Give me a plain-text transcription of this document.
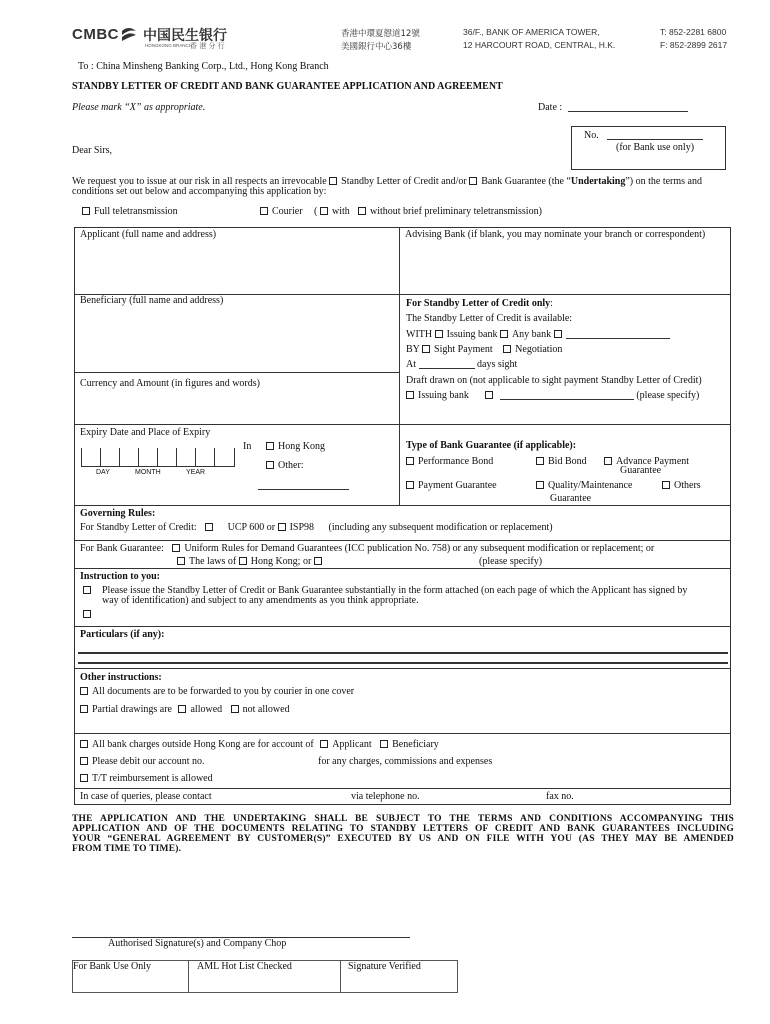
CMBC 中国民生银行
HONGKONG BRANCH
香 港 分 行
香港中環夏慤道12號
美國銀行中心36樓
36/F., BANK OF AMERICA TOWER,
12 HARCOURT ROAD, CENTRAL, H.K.
T: 852-2281 6800
F: 852-2899 2617
To : China Minsheng Banking Corp., Ltd., Hong Kong Branch
STANDBY LETTER OF CREDIT AND BANK GUARANTEE APPLICATION AND AGREEMENT
Please mark “X” as appropriate.	Date :
No.
(for Bank use only)
Dear Sirs,
We request you to issue at our risk in all respects an irrevocable Standby Letter of Credit and/or Bank Guarantee (the “Undertaking”) on the terms and
conditions set out below and accompanying this application by:
Full teletransmission	Courier (	with	without brief preliminary teletransmission)
Applicant (full name and address)	Advising Bank (if blank, you may nominate your branch or correspondent)
Beneficiary (full name and address)	For Standby Letter of Credit only:
The Standby Letter of Credit is available:
WITH Issuing bank Any bank
BY Sight Payment Negotiation
At	days sight
Draft drawn on (not applicable to sight payment Standby Letter of Credit)
Issuing bank	(please specify)
Currency and Amount (in figures and words)
Expiry Date and Place of Expiry
DAY	MONTH	YEAR
In	Hong Kong
Other:
Type of Bank Guarantee (if applicable):
Performance Bond	Bid Bond	Advance Payment
Guarantee
Payment Guarantee	Quality/Maintenance
Guarantee
Others
Governing Rules:
For Standby Letter of Credit:	UCP 600 or ISP98 (including any subsequent modification or replacement)
For Bank Guarantee: Uniform Rules for Demand Guarantees (ICC publication No. 758) or any subsequent modification or replacement; or
The laws of Hong Kong; or	(please specify)
Instruction to you:
Please issue the Standby Letter of Credit or Bank Guarantee substantially in the form attached (on each page of which the Applicant has signed by
way of identification) and subject to any amendments as you think appropriate.
Particulars (if any):
Other instructions:
All documents are to be forwarded to you by courier in one cover
Partial drawings are allowed not allowed
All bank charges outside Hong Kong are for account of Applicant Beneficiary
Please debit our account no.	for any charges, commissions and expenses
T/T reimbursement is allowed
In case of queries, please contact	via telephone no.	fax no.
THE APPLICATION AND THE UNDERTAKING SHALL BE SUBJECT TO THE TERMS AND CONDITIONS ACCOMPANYING THIS
APPLICATION AND OF THE DOCUMENTS RELATING TO STANDBY LETTERS OF CREDIT AND BANK GUARANTEES INCLUDING
YOUR “GENERAL AGREEMENT BY CUSTOMER(S)” EXECUTED BY US AND ON FILE WITH YOU (AS THEY MAY BE AMENDED
FROM TIME TO TIME).
Authorised Signature(s) and Company Chop
For Bank Use Only	AML Hot List Checked	Signature Verified
